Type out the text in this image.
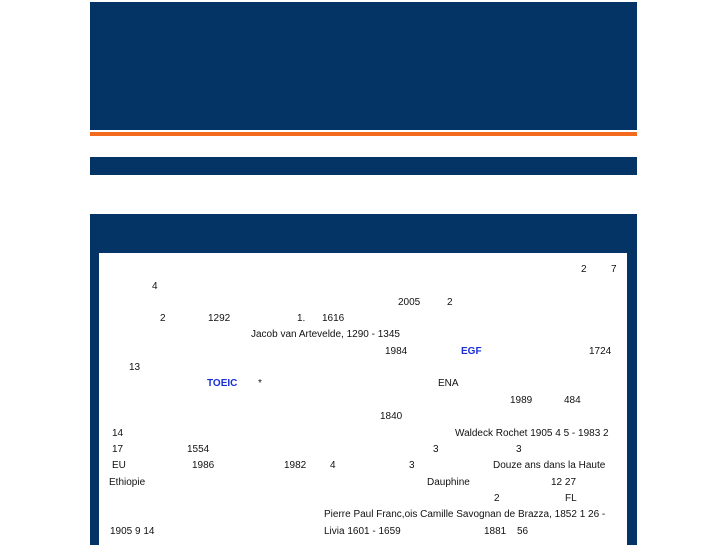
2 7
4
2005	2
2	1292	1. 1616
Jacob van Artevelde, 1290 - 1345
1984	EGF	1724
13
TOEIC *	ENA
1989	484
1840
14	Waldeck Rochet 1905 4 5 - 1983 2
17	1554	3	3
EU	1986	1982 4	3	Douze ans dans la Haute
Ethiopie	Dauphine	12 27
2	FL
Pierre Paul Franc,ois Camille Savognan de Brazza, 1852 1 26 -
1905 9 14	Livia 1601 - 1659	1881 56
